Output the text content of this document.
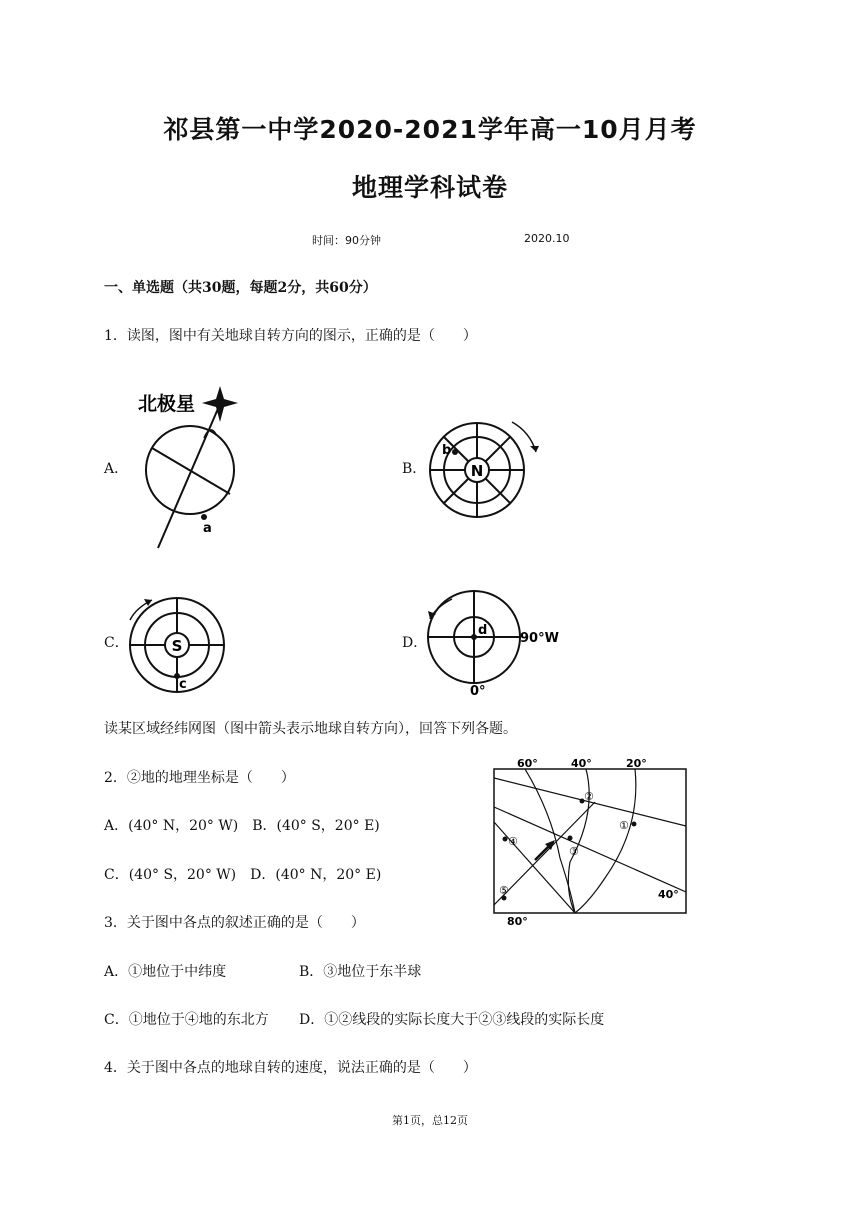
祁县第一中学2020-2021学年高一10月月考
地理学科试卷
时间：90分钟	2020.10
一、单选题（共30题，每题2分，共60分）
1．读图，图中有关地球自转方向的图示，正确的是（　　）
A．	B．
C．	D．
北极星
a
N
b
S
c
d
90°W
0°
读某区域经纬网图（图中箭头表示地球自转方向），回答下列各题。
2．②地的地理坐标是（　　）
A．(40° N，20° W)　B．(40° S，20° E)
C．(40° S，20° W)　D．(40° N，20° E)
60°	40°	20°
40°
80°
①
②
③
④
⑤
3．关于图中各点的叙述正确的是（　　）
A．①地位于中纬度	B．③地位于东半球
C．①地位于④地的东北方 D．①②线段的实际长度大于②③线段的实际长度
4．关于图中各点的地球自转的速度，说法正确的是（　　）
第1页，总12页
